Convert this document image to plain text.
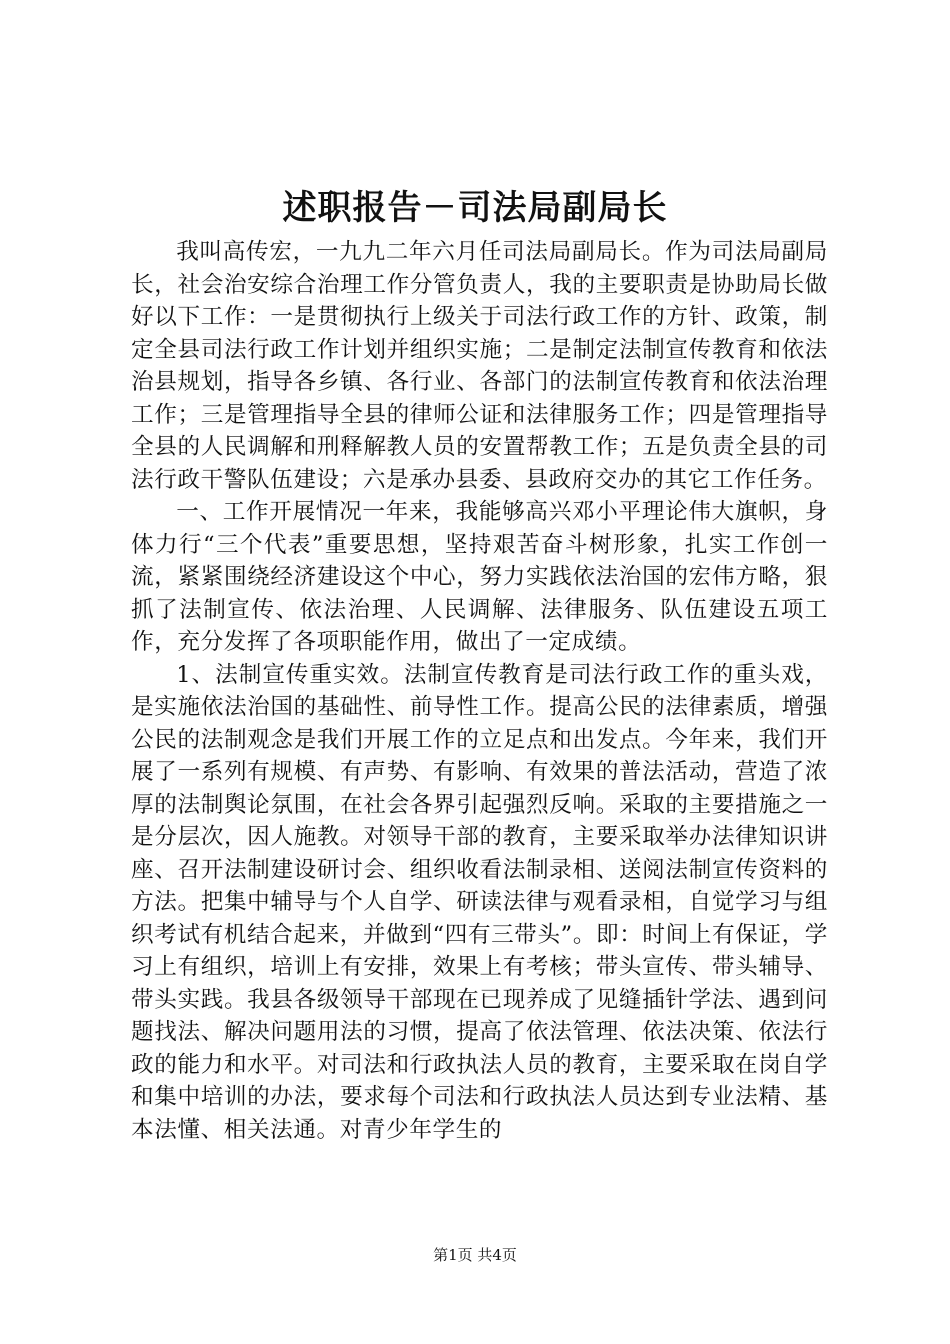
述职报告－司法局副局长

我叫高传宏，一九九二年六月任司法局副局长。作为司法局副局长，社会治安综合治理工作分管负责人，我的主要职责是协助局长做好以下工作：一是贯彻执行上级关于司法行政工作的方针、政策，制定全县司法行政工作计划并组织实施；二是制定法制宣传教育和依法治县规划，指导各乡镇、各行业、各部门的法制宣传教育和依法治理工作；三是管理指导全县的律师公证和法律服务工作；四是管理指导全县的人民调解和刑释解教人员的安置帮教工作；五是负责全县的司法行政干警队伍建设；六是承办县委、县政府交办的其它工作任务。

一、工作开展情况一年来，我能够高兴邓小平理论伟大旗帜，身体力行“三个代表”重要思想，坚持艰苦奋斗树形象，扎实工作创一流，紧紧围绕经济建设这个中心，努力实践依法治国的宏伟方略，狠抓了法制宣传、依法治理、人民调解、法律服务、队伍建设五项工作，充分发挥了各项职能作用，做出了一定成绩。

1、法制宣传重实效。法制宣传教育是司法行政工作的重头戏，是实施依法治国的基础性、前导性工作。提高公民的法律素质，增强公民的法制观念是我们开展工作的立足点和出发点。今年来，我们开展了一系列有规模、有声势、有影响、有效果的普法活动，营造了浓厚的法制舆论氛围，在社会各界引起强烈反响。采取的主要措施之一是分层次，因人施教。对领导干部的教育，主要采取举办法律知识讲座、召开法制建设研讨会、组织收看法制录相、送阅法制宣传资料的方法。把集中辅导与个人自学、研读法律与观看录相，自觉学习与组织考试有机结合起来，并做到“四有三带头”。即：时间上有保证，学习上有组织，培训上有安排，效果上有考核；带头宣传、带头辅导、带头实践。我县各级领导干部现在已现养成了见缝插针学法、遇到问题找法、解决问题用法的习惯，提高了依法管理、依法决策、依法行政的能力和水平。对司法和行政执法人员的教育，主要采取在岗自学和集中培训的办法，要求每个司法和行政执法人员达到专业法精、基本法懂、相关法通。对青少年学生的

第1页 共4页
